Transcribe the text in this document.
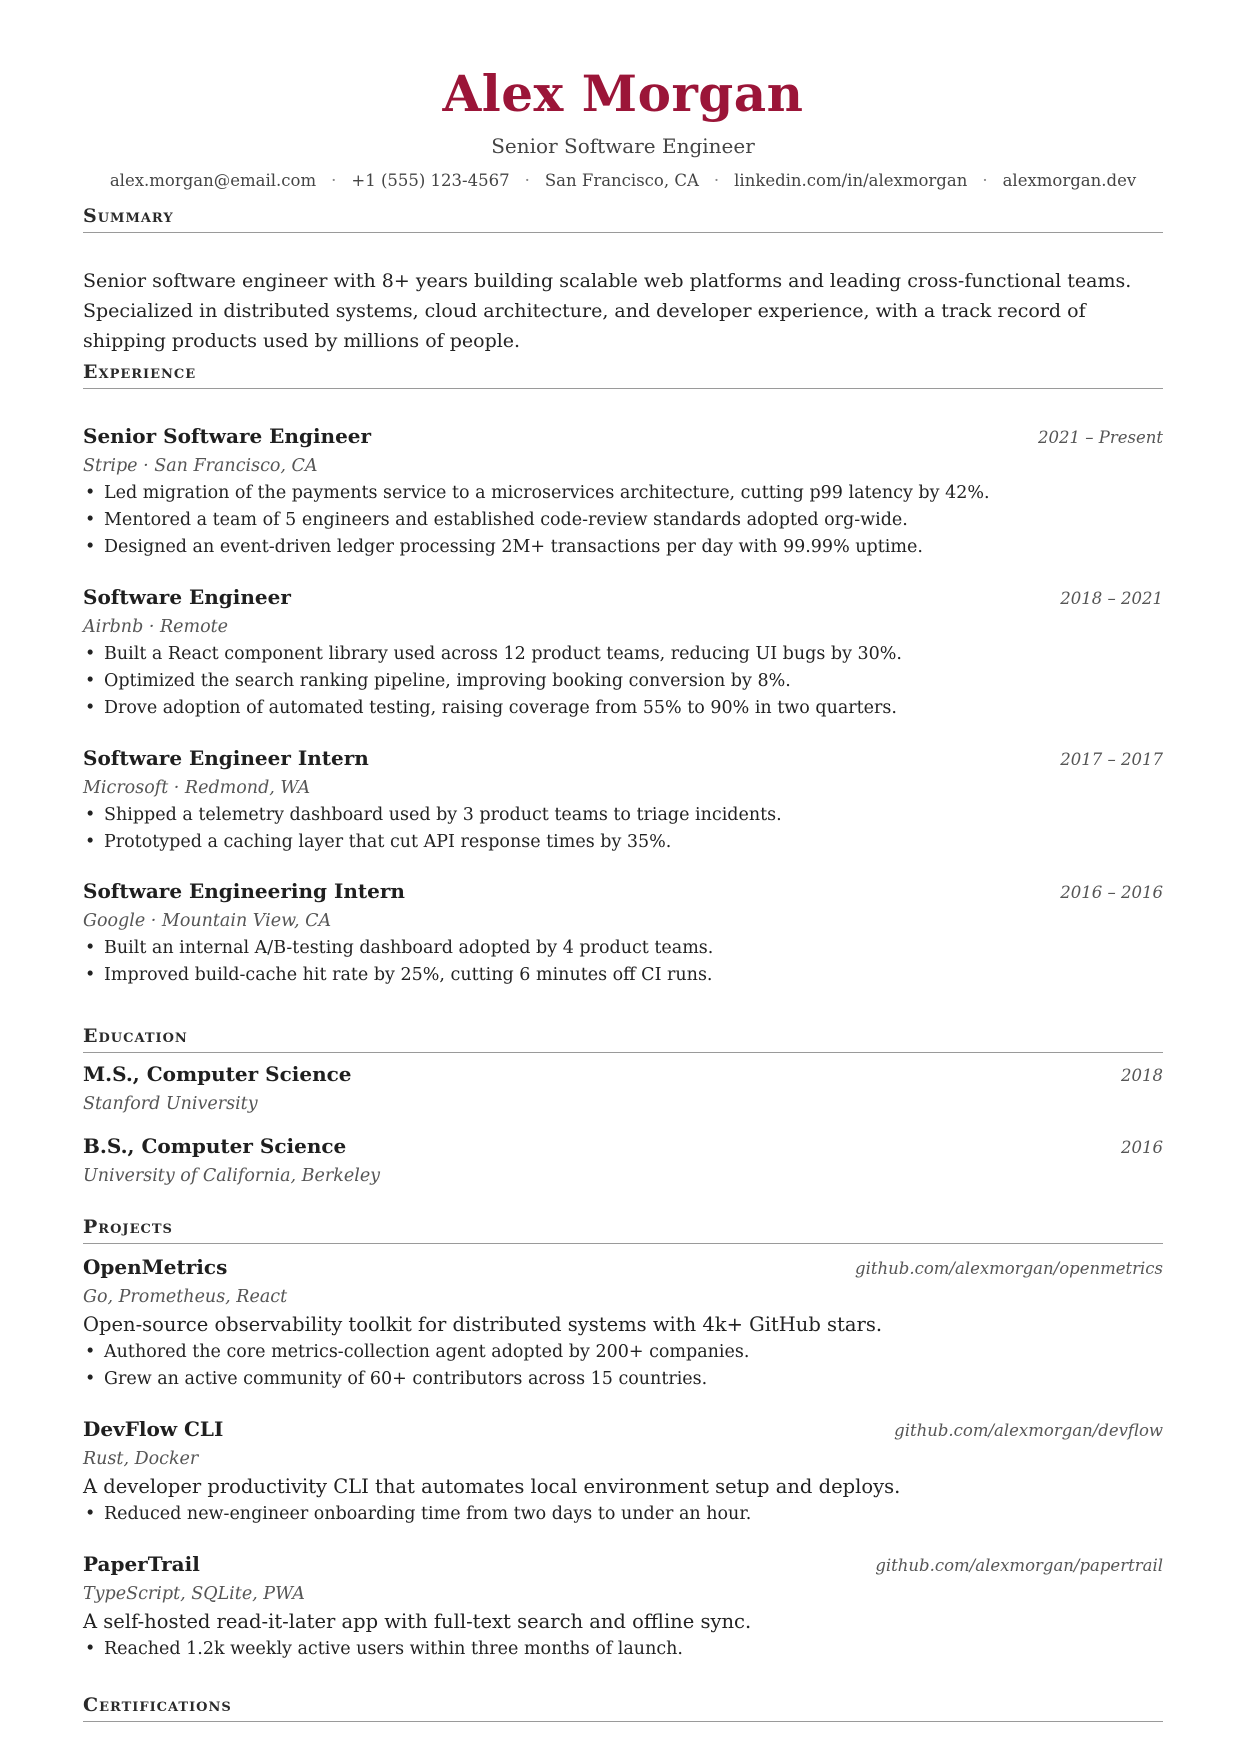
Alex Morgan
Senior Software Engineer
alex.morgan@email.com · +1 (555) 123-4567 · San Francisco, CA · linkedin.com/in/alexmorgan · alexmorgan.dev
Summary
Senior software engineer with 8+ years building scalable web platforms and leading cross-functional teams. Specialized in distributed systems, cloud architecture, and developer experience, with a track record of shipping products used by millions of people.
Experience
Senior Software Engineer	2021 – Present
Stripe · San Francisco, CA
• Led migration of the payments service to a microservices architecture, cutting p99 latency by 42%.
• Mentored a team of 5 engineers and established code-review standards adopted org-wide.
• Designed an event-driven ledger processing 2M+ transactions per day with 99.99% uptime.
Software Engineer	2018 – 2021
Airbnb · Remote
• Built a React component library used across 12 product teams, reducing UI bugs by 30%.
• Optimized the search ranking pipeline, improving booking conversion by 8%.
• Drove adoption of automated testing, raising coverage from 55% to 90% in two quarters.
Software Engineer Intern	2017 – 2017
Microsoft · Redmond, WA
• Shipped a telemetry dashboard used by 3 product teams to triage incidents.
• Prototyped a caching layer that cut API response times by 35%.
Software Engineering Intern	2016 – 2016
Google · Mountain View, CA
• Built an internal A/B-testing dashboard adopted by 4 product teams.
• Improved build-cache hit rate by 25%, cutting 6 minutes off CI runs.
Education
M.S., Computer Science	2018
Stanford University
B.S., Computer Science	2016
University of California, Berkeley
Projects
OpenMetrics	github.com/alexmorgan/openmetrics
Go, Prometheus, React
Open-source observability toolkit for distributed systems with 4k+ GitHub stars.
• Authored the core metrics-collection agent adopted by 200+ companies.
• Grew an active community of 60+ contributors across 15 countries.
DevFlow CLI	github.com/alexmorgan/devflow
Rust, Docker
A developer productivity CLI that automates local environment setup and deploys.
• Reduced new-engineer onboarding time from two days to under an hour.
PaperTrail	github.com/alexmorgan/papertrail
TypeScript, SQLite, PWA
A self-hosted read-it-later app with full-text search and offline sync.
• Reached 1.2k weekly active users within three months of launch.
Certifications
